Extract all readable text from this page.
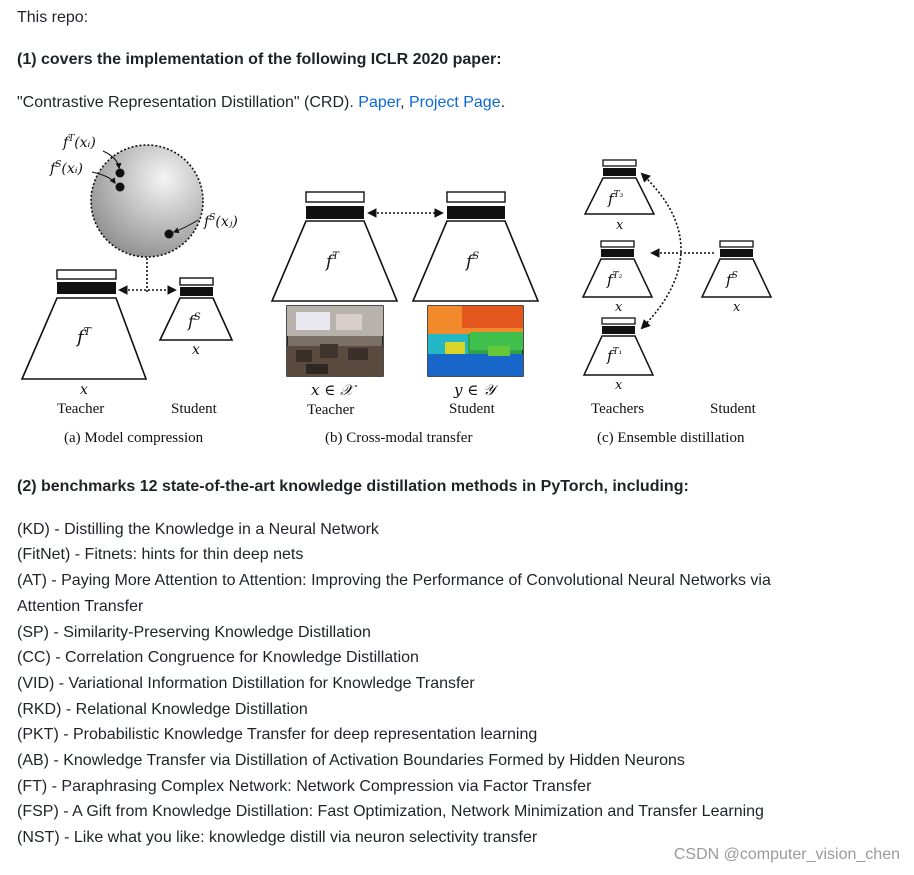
This repo:
(1) covers the implementation of the following ICLR 2020 paper:
"Contrastive Representation Distillation" (CRD). Paper, Project Page.
$f^T(xᵢ)$
$f^S(xᵢ)$
$f^S(xⱼ)$
$f^T$
x
$f^S$
x
Teacher	Student
(a) Model compression
$f^T$	$f^S$
x ∈ 𝒳	y ∈ 𝒴
Teacher	Student
(b) Cross-modal transfer
$f^{T_3}$
x
$f^{T_2}$
x
$f^{T_1}$
x
$f^S$
x
Teachers	Student
(c) Ensemble distillation
(2) benchmarks 12 state-of-the-art knowledge distillation methods in PyTorch, including:
(KD) - Distilling the Knowledge in a Neural Network
(FitNet) - Fitnets: hints for thin deep nets
(AT) - Paying More Attention to Attention: Improving the Performance of Convolutional Neural Networks via
Attention Transfer
(SP) - Similarity-Preserving Knowledge Distillation
(CC) - Correlation Congruence for Knowledge Distillation
(VID) - Variational Information Distillation for Knowledge Transfer
(RKD) - Relational Knowledge Distillation
(PKT) - Probabilistic Knowledge Transfer for deep representation learning
(AB) - Knowledge Transfer via Distillation of Activation Boundaries Formed by Hidden Neurons
(FT) - Paraphrasing Complex Network: Network Compression via Factor Transfer
(FSP) - A Gift from Knowledge Distillation: Fast Optimization, Network Minimization and Transfer Learning
(NST) - Like what you like: knowledge distill via neuron selectivity transfer
CSDN @computer_vision_chen
